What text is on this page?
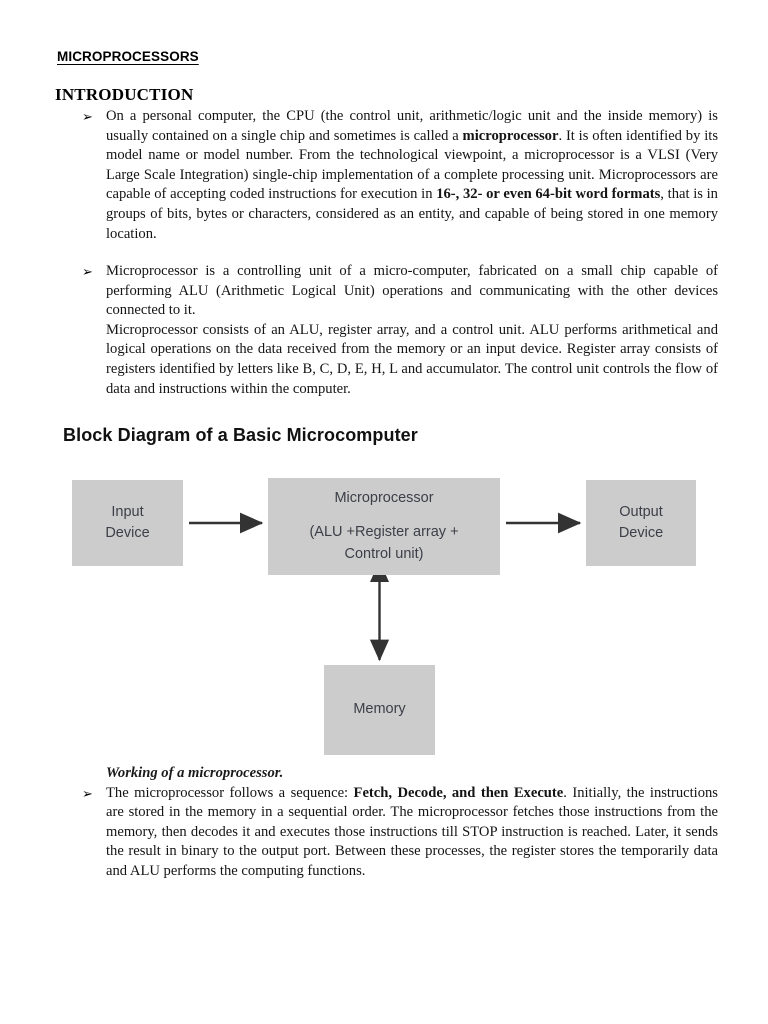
MICROPROCESSORS
INTRODUCTION
➢ On a personal computer, the CPU (the control unit, arithmetic/logic unit and the inside memory) is usually contained on a single chip and sometimes is called a microprocessor. It is often identified by its model name or model number. From the technological viewpoint, a microprocessor is a VLSI (Very Large Scale Integration) single-chip implementation of a complete processing unit. Microprocessors are capable of accepting coded instructions for execution in 16-, 32- or even 64-bit word formats, that is in groups of bits, bytes or characters, considered as an entity, and capable of being stored in one memory location.

➢ Microprocessor is a controlling unit of a micro-computer, fabricated on a small chip capable of performing ALU (Arithmetic Logical Unit) operations and communicating with the other devices connected to it.

Microprocessor consists of an ALU, register array, and a control unit. ALU performs arithmetical and logical operations on the data received from the memory or an input device. Register array consists of registers identified by letters like B, C, D, E, H, L and accumulator. The control unit controls the flow of data and instructions within the computer.

Block Diagram of a Basic Microcomputer
Input
Device
Microprocessor
(ALU +Register array +
Control unit)
Output
Device
Memory

Working of a microprocessor.

➢ The microprocessor follows a sequence: Fetch, Decode, and then Execute. Initially, the instructions are stored in the memory in a sequential order. The microprocessor fetches those instructions from the memory, then decodes it and executes those instructions till STOP instruction is reached. Later, it sends the result in binary to the output port. Between these processes, the register stores the temporarily data and ALU performs the computing functions.
